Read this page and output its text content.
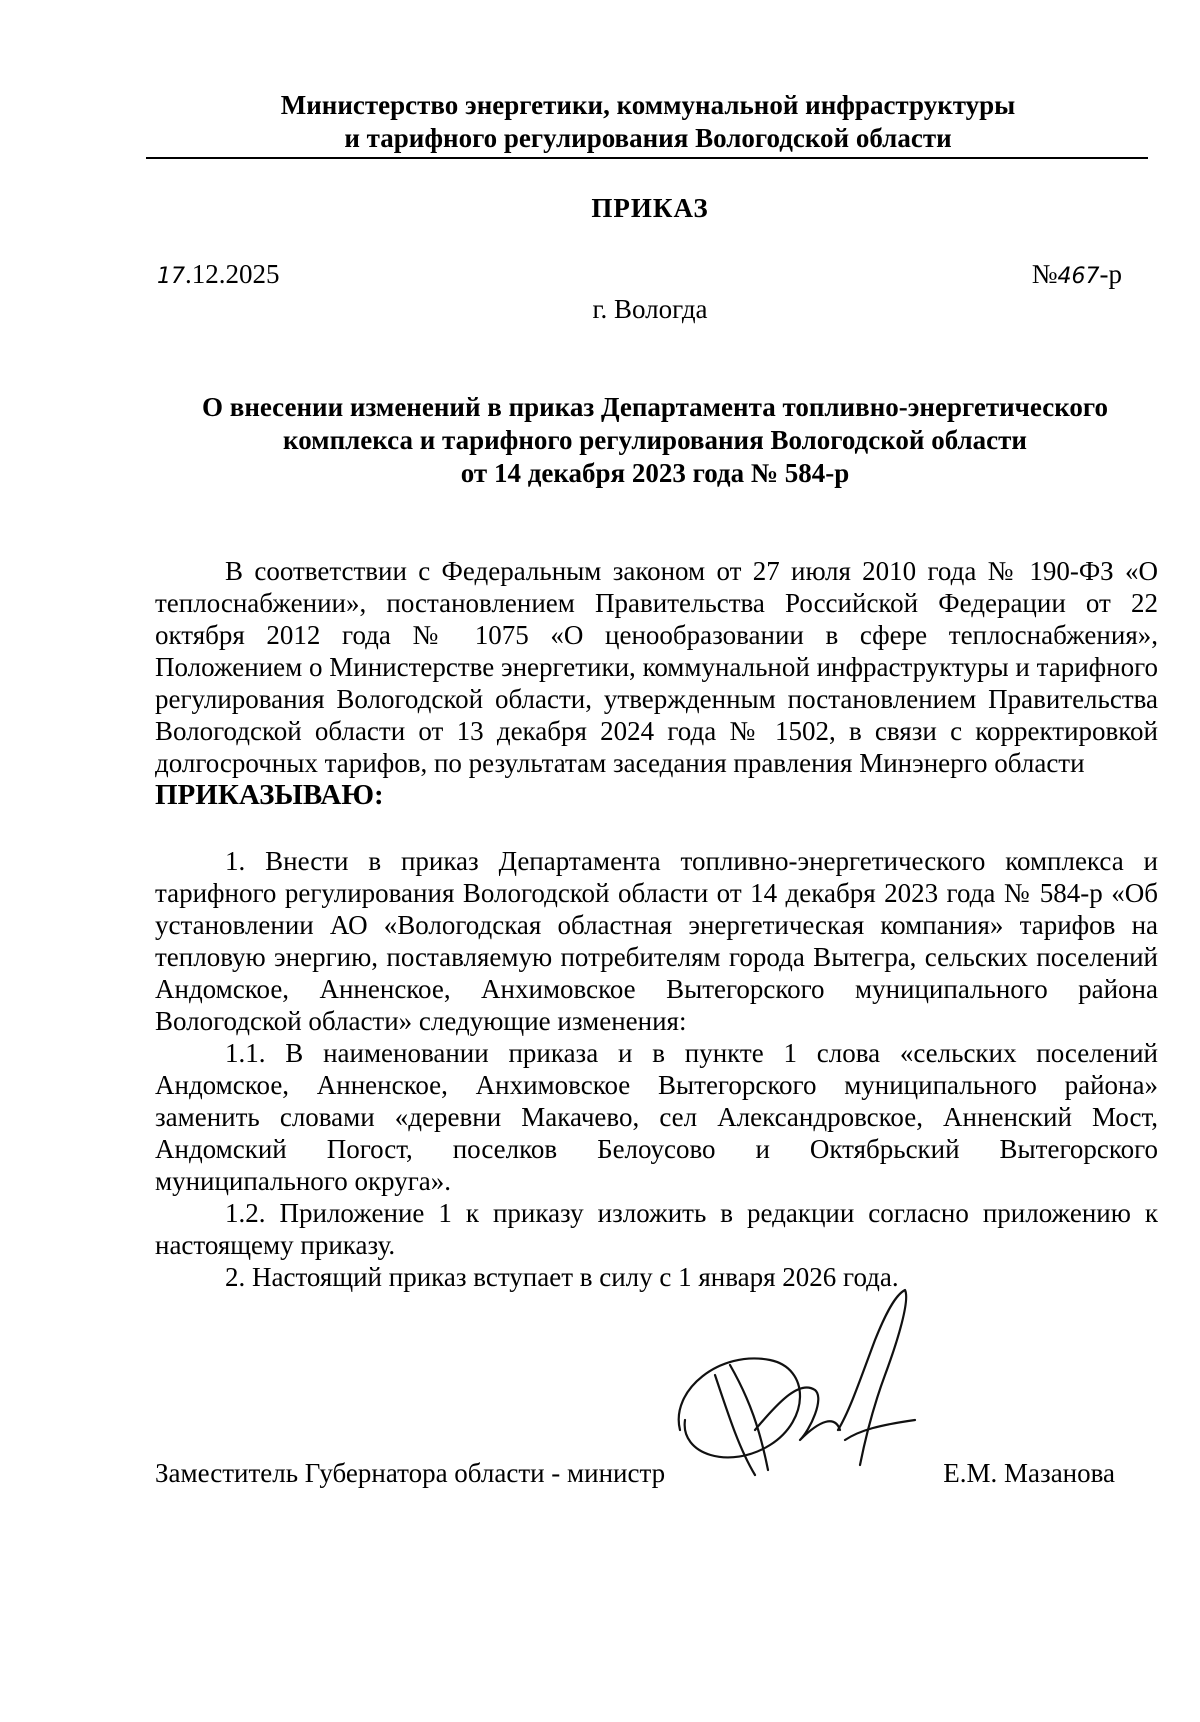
Министерство энергетики, коммунальной инфраструктуры
и тарифного регулирования Вологодской области
ПРИКАЗ
17.12.2025	№467-р
г. Вологда
О внесении изменений в приказ Департамента топливно-энергетического
комплекса и тарифного регулирования Вологодской области
от 14 декабря 2023 года № 584-р

В соответствии с Федеральным законом от 27 июля 2010 года № 190-ФЗ «О теплоснабжении», постановлением Правительства Российской Федерации от 22 октября 2012 года № 1075 «О ценообразовании в сфере теплоснабжения», Положением о Министерстве энергетики, коммунальной инфраструктуры и тарифного регулирования Вологодской области, утвержденным постановлением Правительства Вологодской области от 13 декабря 2024 года № 1502, в связи с корректировкой долгосрочных тарифов, по результатам заседания правления Минэнерго области

ПРИКАЗЫВАЮ:

1. Внести в приказ Департамента топливно-энергетического комплекса и тарифного регулирования Вологодской области от 14 декабря 2023 года № 584-р «Об установлении АО «Вологодская областная энергетическая компания» тарифов на тепловую энергию, поставляемую потребителям города Вытегра, сельских поселений Андомское, Анненское, Анхимовское Вытегорского муниципального района Вологодской области» следующие изменения:

1.1. В наименовании приказа и в пункте 1 слова «сельских поселений Андомское, Анненское, Анхимовское Вытегорского муниципального района» заменить словами «деревни Макачево, сел Александровское, Анненский Мост, Андомский Погост, поселков Белоусово и Октябрьский Вытегорского муниципального округа».

1.2. Приложение 1 к приказу изложить в редакции согласно приложению к настоящему приказу.

2. Настоящий приказ вступает в силу с 1 января 2026 года.

Заместитель Губернатора области - министр	Е.М. Мазанова
